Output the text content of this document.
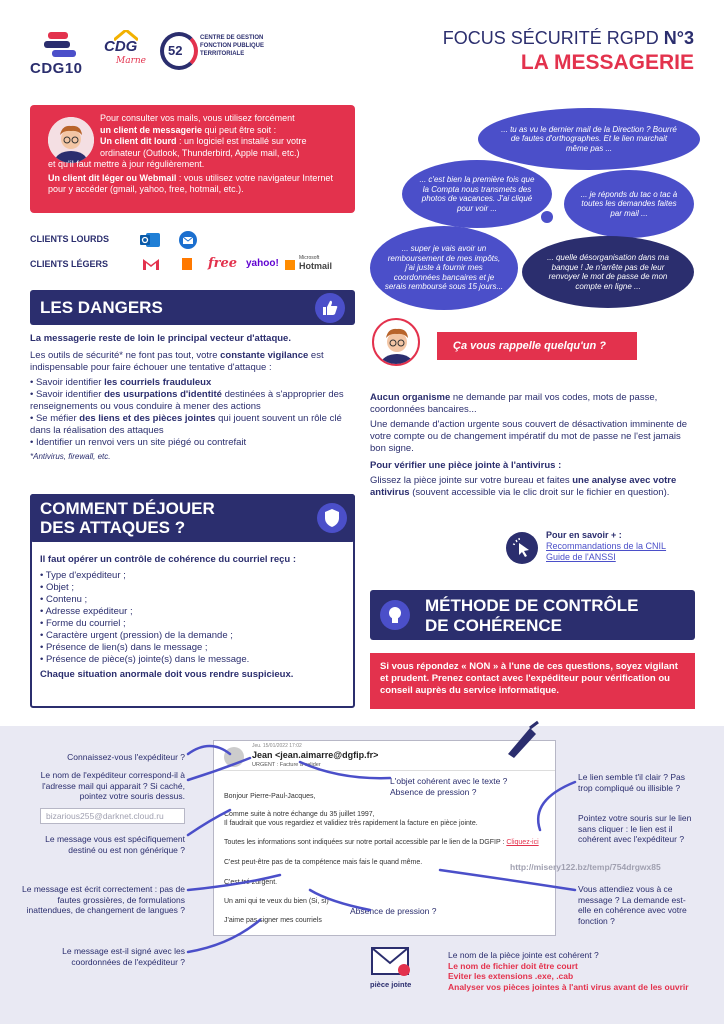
CDG10
CDG
Marne
52
CENTRE DE GESTION
FONCTION PUBLIQUE
TERRITORIALE
FOCUS SÉCURITÉ RGPD N°3
LA MESSAGERIE
Pour consulter vos mails, vous utilisez forcément
un client de messagerie qui peut être soit :
Un client dit lourd : un logiciel est installé sur votre ordinateur (Outlook, Thunderbird, Apple mail, etc.)
et qu'il faut mettre à jour régulièrement.
Un client dit léger ou Webmail : vous utilisez votre navigateur Internet pour y accéder (gmail, yahoo, free, hotmail, etc.).
CLIENTS LOURDS
CLIENTS LÉGERS	free yahoo!	Microsoft
Hotmail
LES DANGERS
La messagerie reste de loin le principal vecteur d'attaque.
Les outils de sécurité* ne font pas tout, votre constante vigilance est indispensable pour faire échouer une tentative d'attaque :
• Savoir identifier les courriels frauduleux
• Savoir identifier des usurpations d'identité destinées à s'approprier des renseignements ou vous conduire à mener des actions
• Se méfier des liens et des pièces jointes qui jouent souvent un rôle clé dans la réalisation des attaques
• Identifier un renvoi vers un site piégé ou contrefait
*Antivirus, firewall, etc.
COMMENT DÉJOUER
DES ATTAQUES ?
Il faut opérer un contrôle de cohérence du courriel reçu :
• Type d'expéditeur ;
• Objet ;
• Contenu ;
• Adresse expéditeur ;
• Forme du courriel ;
• Caractère urgent (pression) de la demande ;
• Présence de lien(s) dans le message ;
• Présence de pièce(s) jointe(s) dans le message.
Chaque situation anormale doit vous rendre suspicieux.
... tu as vu le dernier mail de la Direction ? Bourré de fautes d'orthographes. Et le lien marchait même pas ...
... c'est bien la première fois que la Compta nous transmets des photos de vacances. J'ai cliqué pour voir ...
... je réponds du tac o tac à toutes les demandes faites par mail ...
... super je vais avoir un remboursement de mes impôts, j'ai juste à fournir mes coordonnées bancaires et je serais remboursé sous 15 jours...
... quelle désorganisation dans ma banque ! Je n'arrête pas de leur renvoyer le mot de passe de mon compte en ligne ...
Ça vous rappelle quelqu'un ?
Aucun organisme ne demande par mail vos codes, mots de passe, coordonnées bancaires...
Une demande d'action urgente sous couvert de désactivation imminente de votre compte ou de changement impératif du mot de passe ne l'est jamais bon signe.
Pour vérifier une pièce jointe à l'antivirus :
Glissez la pièce jointe sur votre bureau et faites une analyse avec votre antivirus (souvent accessible via le clic droit sur le fichier en question).
Pour en savoir + :
Recommandations de la CNIL
Guide de l'ANSSI
MÉTHODE DE CONTRÔLE
DE COHÉRENCE
Si vous répondez « NON » à l'une de ces questions, soyez vigilant et prudent. Prenez contact avec l'expéditeur pour vérification ou conseil auprès du service informatique.
Jeu. 15/01/2022 17:02
Jean <jean.aimarre@dgfip.fr>
URGENT : Facture à valider
Bonjour Pierre-Paul-Jacques,
Comme suite à notre échange du 35 juillet 1997,
Il faudrait que vous regardiez et validiez très rapidement la facture en pièce jointe.
Toutes les informations sont indiquées sur notre portail accessible par le lien de la DGFIP : Cliquez-ici
C'est peut-être pas de ta compétence mais fais le quand même.
C'est tré zurgent.
Un ami qui te veux du bien (Si, si)
J'aime pas signer mes courriels
Connaissez-vous l'expéditeur ?
Le nom de l'expéditeur correspond-il à l'adresse mail qui apparait ? Si caché, pointez votre souris dessus.
bizarious255@darknet.cloud.ru
Le message vous est spécifiquement destiné ou est non générique ?
Le message est écrit correctement : pas de fautes grossières, de formulations inattendues, de changement de langues ?
Le message est-il signé avec les coordonnées de l'expéditeur ?
L'objet cohérent avec le texte ? Absence de pression ?
Absence de pression ?
Le lien semble t'il clair ? Pas trop compliqué ou illisible ?
Pointez votre souris sur le lien sans cliquer : le lien est il cohérent avec l'expéditeur ?
http://misery122.bz/temp/754drgwx85
Vous attendiez vous à ce message ? La demande est-elle en cohérence avec votre fonction ?
pièce jointe
Le nom de la pièce jointe est cohérent ?
Le nom de fichier doit être court
Eviter les extensions .exe, .cab
Analyser vos pièces jointes à l'anti virus avant de les ouvrir
